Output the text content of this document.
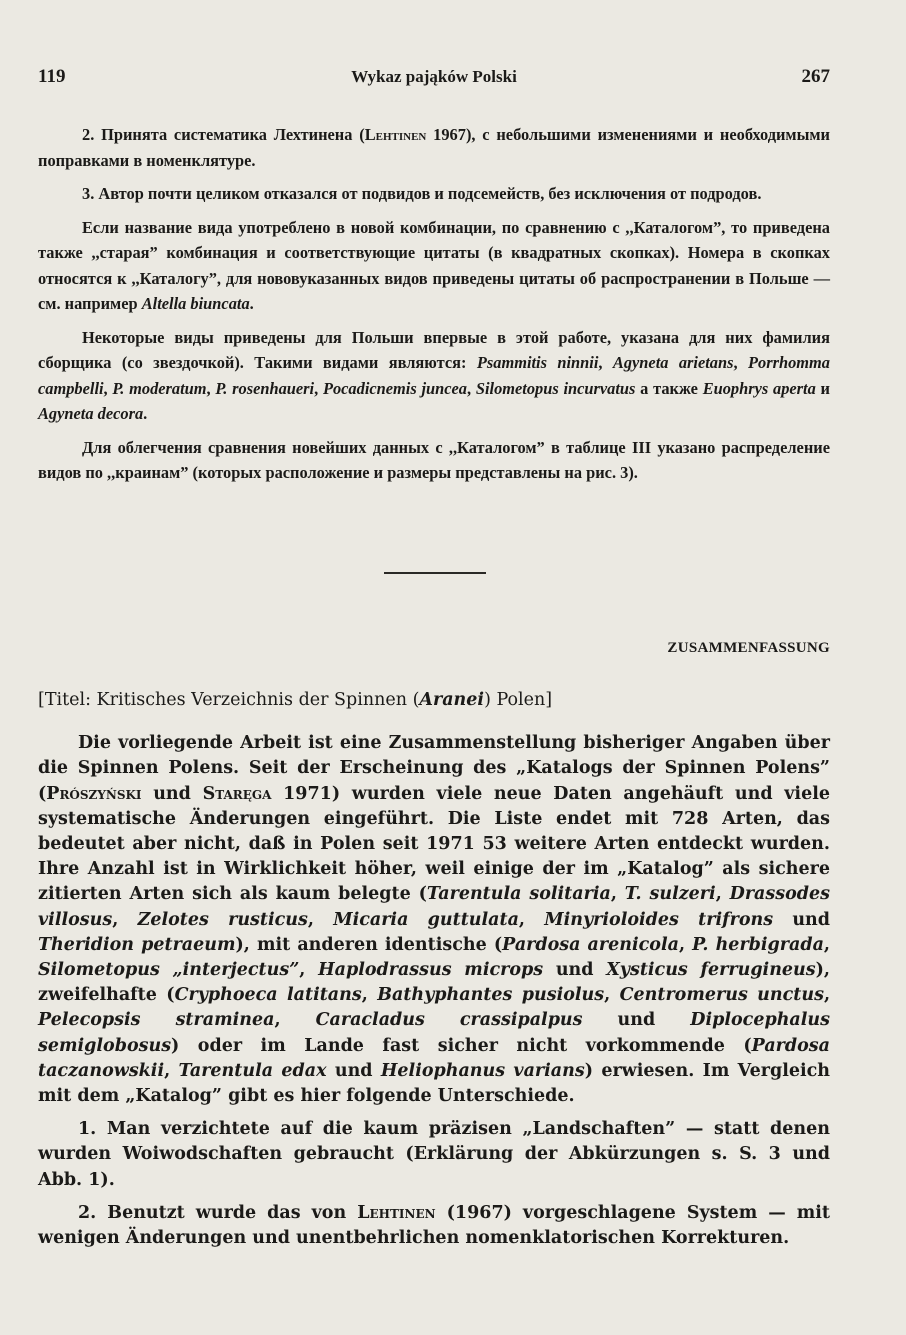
119	Wykaz pająków Polski	267

2. Принята систематика Лехтинена (Lehtinen 1967), с небольшими изменениями и необходимыми поправками в номенклятуре.

3. Автор почти целиком отказался от подвидов и подсемейств, без исключения от подродов.

Если название вида употреблено в новой комбинации, по сравнению с ,,Каталогом”, то приведена также ,,старая” комбинация и соответствующие цитаты (в квадратных скопках). Номера в скопках относятся к ,,Каталогу”, для нововуказанных видов приведены цитаты об распространении в Польше — см. например Altella biuncata.

Некоторые виды приведены для Польши впервые в этой работе, указана для них фамилия сборщика (со звездочкой). Такими видами являются: Psammitis ninnii, Agyneta arietans, Porrhomma campbelli, P. moderatum, P. rosenhaueri, Pocadicnemis juncea, Silometopus incurvatus а также Euophrys aperta и Agyneta decora.

Для облегчения сравнения новейших данных с ,,Каталогом” в таблице III указано распределение видов по ,,краинам” (которых расположение и размеры представлены на рис. 3).

ZUSAMMENFASSUNG

[Titel: Kritisches Verzeichnis der Spinnen (Aranei) Polen]

Die vorliegende Arbeit ist eine Zusammenstellung bisheriger Angaben über die Spinnen Polens. Seit der Erscheinung des „Katalogs der Spinnen Polens” (Prószyński und Staręga 1971) wurden viele neue Daten angehäuft und viele systematische Änderungen eingeführt. Die Liste endet mit 728 Arten, das bedeutet aber nicht, daß in Polen seit 1971 53 weitere Arten entdeckt wurden. Ihre Anzahl ist in Wirklichkeit höher, weil einige der im „Katalog” als sichere zitierten Arten sich als kaum belegte (Tarentula solitaria, T. sulzeri, Drassodes villosus, Zelotes rusticus, Micaria guttulata, Minyrioloides trifrons und Theridion petraeum), mit anderen identische (Pardosa arenicola, P. herbigrada, Silometopus „interjectus”, Haplodrassus microps und Xysticus ferrugineus), zweifelhafte (Cryphoeca latitans, Bathyphantes pusiolus, Centromerus unctus, Pelecopsis straminea, Caracladus crassipalpus und Diplocephalus semiglobosus) oder im Lande fast sicher nicht vorkommende (Pardosa taczanowskii, Tarentula edax und Heliophanus varians) erwiesen. Im Vergleich mit dem „Katalog” gibt es hier folgende Unterschiede.

1. Man verzichtete auf die kaum präzisen „Landschaften” — statt denen wurden Woiwodschaften gebraucht (Erklärung der Abkürzungen s. S. 3 und Abb. 1).

2. Benutzt wurde das von Lehtinen (1967) vorgeschlagene System — mit wenigen Änderungen und unentbehrlichen nomenklatorischen Korrekturen.
